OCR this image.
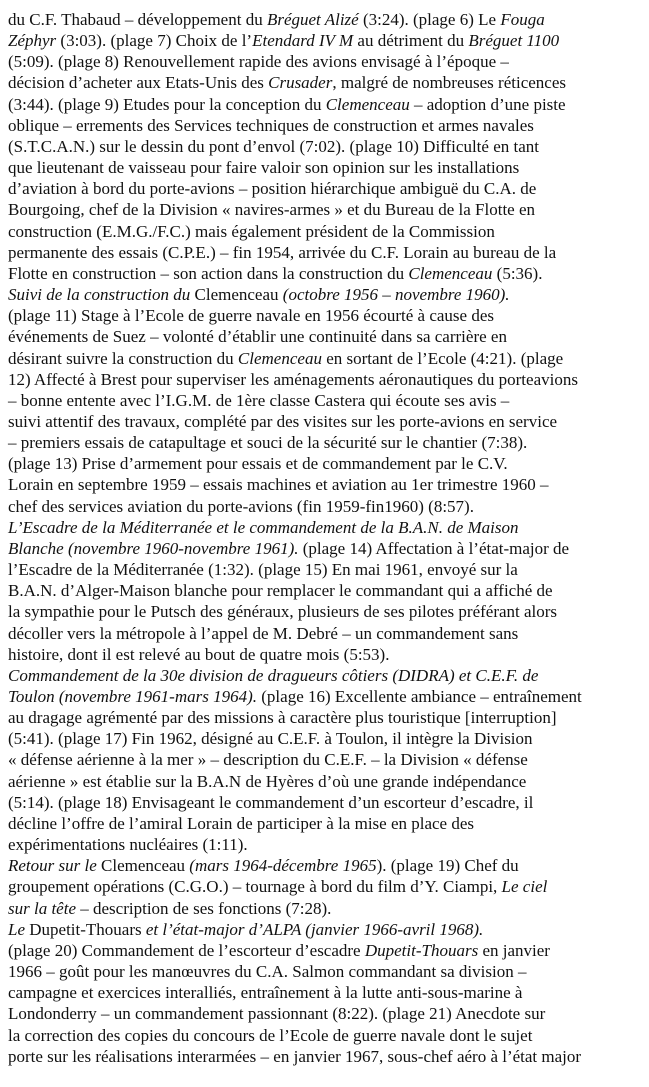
du C.F. Thabaud – développement du Bréguet Alizé (3:24). (plage 6) Le Fouga
Zéphyr (3:03). (plage 7) Choix de l’Etendard IV M au détriment du Bréguet 1100
(5:09). (plage 8) Renouvellement rapide des avions envisagé à l’époque –
décision d’acheter aux Etats-Unis des Crusader, malgré de nombreuses réticences
(3:44). (plage 9) Etudes pour la conception du Clemenceau – adoption d’une piste
oblique – errements des Services techniques de construction et armes navales
(S.T.C.A.N.) sur le dessin du pont d’envol (7:02). (plage 10) Difficulté en tant
que lieutenant de vaisseau pour faire valoir son opinion sur les installations
d’aviation à bord du porte-avions – position hiérarchique ambiguë du C.A. de
Bourgoing, chef de la Division « navires-armes » et du Bureau de la Flotte en
construction (E.M.G./F.C.) mais également président de la Commission
permanente des essais (C.P.E.) – fin 1954, arrivée du C.F. Lorain au bureau de la
Flotte en construction – son action dans la construction du Clemenceau (5:36).
Suivi de la construction du Clemenceau (octobre 1956 – novembre 1960).
(plage 11) Stage à l’Ecole de guerre navale en 1956 écourté à cause des
événements de Suez – volonté d’établir une continuité dans sa carrière en
désirant suivre la construction du Clemenceau en sortant de l’Ecole (4:21). (plage
12) Affecté à Brest pour superviser les aménagements aéronautiques du porteavions
– bonne entente avec l’I.G.M. de 1ère classe Castera qui écoute ses avis –
suivi attentif des travaux, complété par des visites sur les porte-avions en service
– premiers essais de catapultage et souci de la sécurité sur le chantier (7:38).
(plage 13) Prise d’armement pour essais et de commandement par le C.V.
Lorain en septembre 1959 – essais machines et aviation au 1er trimestre 1960 –
chef des services aviation du porte-avions (fin 1959-fin1960) (8:57).
L’Escadre de la Méditerranée et le commandement de la B.A.N. de Maison
Blanche (novembre 1960-novembre 1961). (plage 14) Affectation à l’état-major de
l’Escadre de la Méditerranée (1:32). (plage 15) En mai 1961, envoyé sur la
B.A.N. d’Alger-Maison blanche pour remplacer le commandant qui a affiché de
la sympathie pour le Putsch des généraux, plusieurs de ses pilotes préférant alors
décoller vers la métropole à l’appel de M. Debré – un commandement sans
histoire, dont il est relevé au bout de quatre mois (5:53).
Commandement de la 30e division de dragueurs côtiers (DIDRA) et C.E.F. de
Toulon (novembre 1961-mars 1964). (plage 16) Excellente ambiance – entraînement
au dragage agrémenté par des missions à caractère plus touristique [interruption]
(5:41). (plage 17) Fin 1962, désigné au C.E.F. à Toulon, il intègre la Division
« défense aérienne à la mer » – description du C.E.F. – la Division « défense
aérienne » est établie sur la B.A.N de Hyères d’où une grande indépendance
(5:14). (plage 18) Envisageant le commandement d’un escorteur d’escadre, il
décline l’offre de l’amiral Lorain de participer à la mise en place des
expérimentations nucléaires (1:11).
Retour sur le Clemenceau (mars 1964-décembre 1965). (plage 19) Chef du
groupement opérations (C.G.O.) – tournage à bord du film d’Y. Ciampi, Le ciel
sur la tête – description de ses fonctions (7:28).
Le Dupetit-Thouars et l’état-major d’ALPA (janvier 1966-avril 1968).
(plage 20) Commandement de l’escorteur d’escadre Dupetit-Thouars en janvier
1966 – goût pour les manœuvres du C.A. Salmon commandant sa division –
campagne et exercices interalliés, entraînement à la lutte anti-sous-marine à
Londonderry – un commandement passionnant (8:22). (plage 21) Anecdote sur
la correction des copies du concours de l’Ecole de guerre navale dont le sujet
porte sur les réalisations interarmées – en janvier 1967, sous-chef aéro à l’état major
